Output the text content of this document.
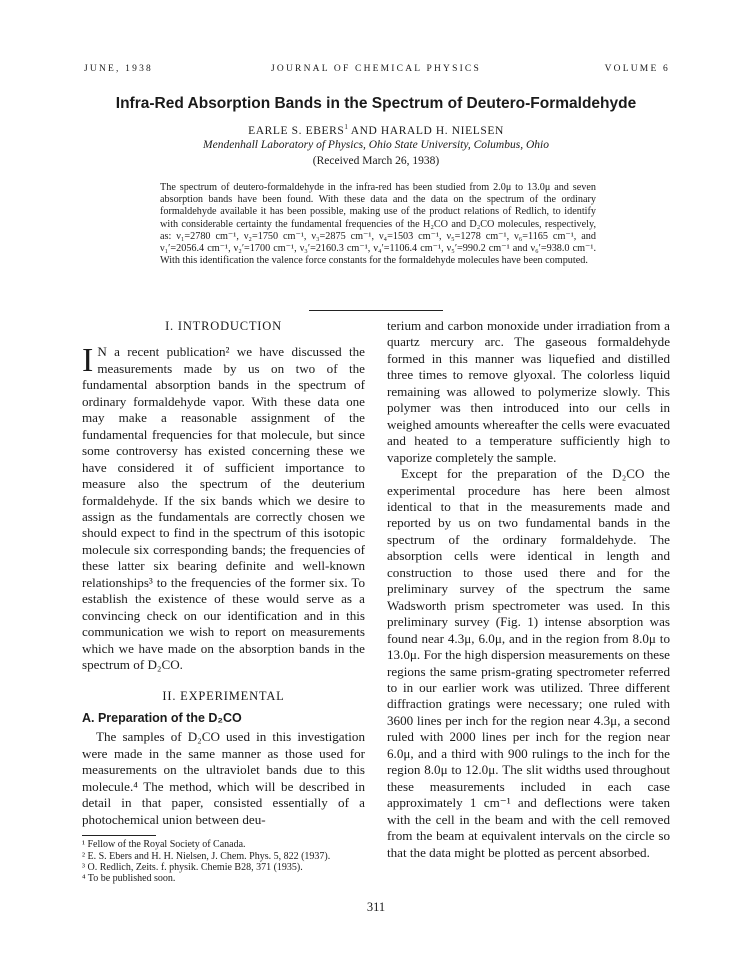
JUNE, 1938	JOURNAL OF CHEMICAL PHYSICS	VOLUME 6
Infra-Red Absorption Bands in the Spectrum of Deutero-Formaldehyde
EARLE S. EBERS$^1$ AND HARALD H. NIELSEN
Mendenhall Laboratory of Physics, Ohio State University, Columbus, Ohio
(Received March 26, 1938)
The spectrum of deutero-formaldehyde in the infra-red has been studied from 2.0μ to 13.0μ and seven absorption bands have been found. With these data and the data on the spectrum of the ordinary formaldehyde available it has been possible, making use of the product relations of Redlich, to identify with considerable certainty the fundamental frequencies of the H₂CO and D₂CO molecules, respectively, as: ν₁=2780 cm⁻¹, ν₂=1750 cm⁻¹, ν₃=2875 cm⁻¹, ν₄=1503 cm⁻¹, ν₅=1278 cm⁻¹, ν₆=1165 cm⁻¹, and ν₁′=2056.4 cm⁻¹, ν₂′=1700 cm⁻¹, ν₃′=2160.3 cm⁻¹, ν₄′=1106.4 cm⁻¹, ν₅′=990.2 cm⁻¹ and ν₆′=938.0 cm⁻¹. With this identification the valence force constants for the formaldehyde molecules have been computed.
I. INTRODUCTION

I N a recent publication² we have discussed the measurements made by us on two of the fundamental absorption bands in the spectrum of ordinary formaldehyde vapor. With these data one may make a reasonable assignment of the fundamental frequencies for that molecule, but since some controversy has existed concerning these we have considered it of sufficient importance to measure also the spectrum of the deuterium formaldehyde. If the six bands which we desire to assign as the fundamentals are correctly chosen we should expect to find in the spectrum of this isotopic molecule six corresponding bands; the frequencies of these latter six bearing definite and well-known relationships³ to the frequencies of the former six. To establish the existence of these would serve as a convincing check on our identification and in this communication we wish to report on measurements which we have made on the absorption bands in the spectrum of D₂CO.

II. EXPERIMENTAL
A. Preparation of the D₂CO

The samples of D₂CO used in this investigation were made in the same manner as those used for measurements on the ultraviolet bands due to this molecule.⁴ The method, which will be described in detail in that paper, consisted essentially of a photochemical union between deu-

¹ Fellow of the Royal Society of Canada.
² E. S. Ebers and H. H. Nielsen, J. Chem. Phys. 5, 822 (1937).
³ O. Redlich, Zeits. f. physik. Chemie B28, 371 (1935).
⁴ To be published soon.

terium and carbon monoxide under irradiation from a quartz mercury arc. The gaseous formaldehyde formed in this manner was liquefied and distilled three times to remove glyoxal. The colorless liquid remaining was allowed to polymerize slowly. This polymer was then introduced into our cells in weighed amounts whereafter the cells were evacuated and heated to a temperature sufficiently high to vaporize completely the sample.

Except for the preparation of the D₂CO the experimental procedure has here been almost identical to that in the measurements made and reported by us on two fundamental bands in the spectrum of the ordinary formaldehyde. The absorption cells were identical in length and construction to those used there and for the preliminary survey of the spectrum the same Wadsworth prism spectrometer was used. In this preliminary survey (Fig. 1) intense absorption was found near 4.3μ, 6.0μ, and in the region from 8.0μ to 13.0μ. For the high dispersion measurements on these regions the same prism-grating spectrometer referred to in our earlier work was utilized. Three different diffraction gratings were necessary; one ruled with 3600 lines per inch for the region near 4.3μ, a second ruled with 2000 lines per inch for the region near 6.0μ, and a third with 900 rulings to the inch for the region 8.0μ to 12.0μ. The slit widths used throughout these measurements included in each case approximately 1 cm⁻¹ and deflections were taken with the cell in the beam and with the cell removed from the beam at equivalent intervals on the circle so that the data might be plotted as percent absorbed.

311
